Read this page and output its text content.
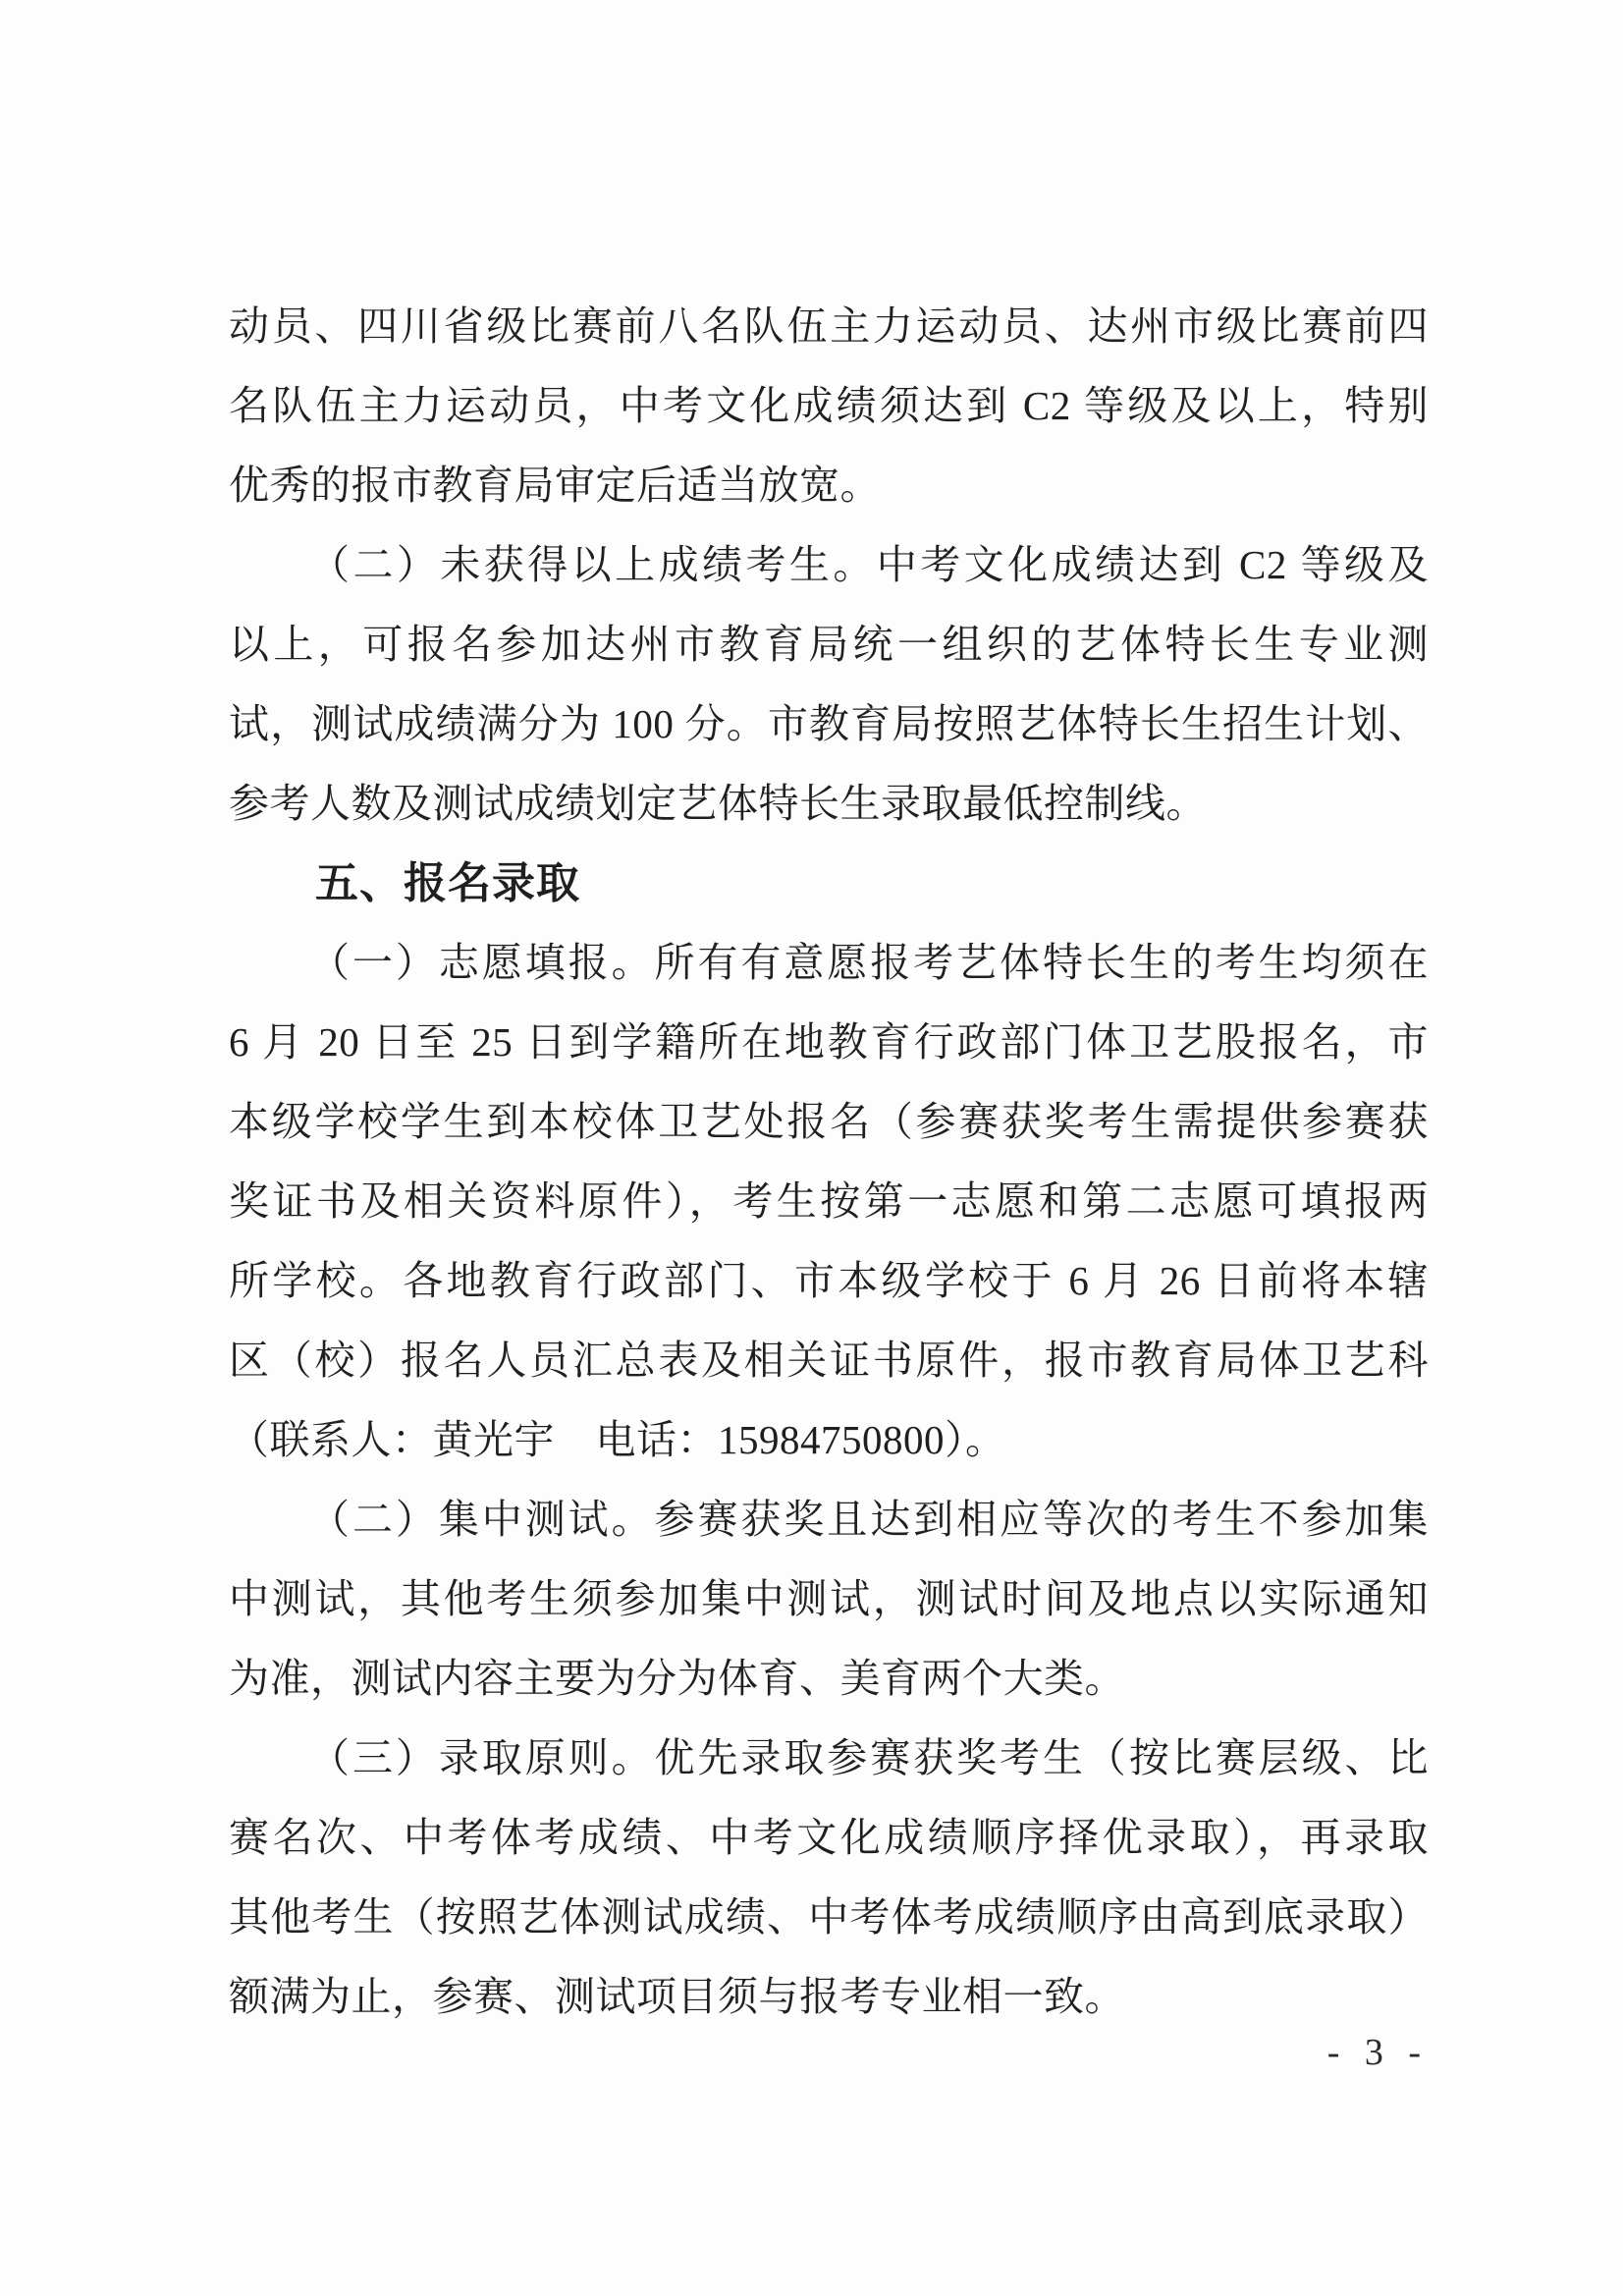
动员、四川省级比赛前八名队伍主力运动员、达州市级比赛前四
名队伍主力运动员，中考文化成绩须达到 C2 等级及以上，特别
优秀的报市教育局审定后适当放宽。
（二）未获得以上成绩考生。中考文化成绩达到 C2 等级及
以上，可报名参加达州市教育局统一组织的艺体特长生专业测
试，测试成绩满分为 100 分。市教育局按照艺体特长生招生计划、
参考人数及测试成绩划定艺体特长生录取最低控制线。
五、报名录取
（一）志愿填报。所有有意愿报考艺体特长生的考生均须在
6 月 20 日至 25 日到学籍所在地教育行政部门体卫艺股报名，市
本级学校学生到本校体卫艺处报名（参赛获奖考生需提供参赛获
奖证书及相关资料原件），考生按第一志愿和第二志愿可填报两
所学校。各地教育行政部门、市本级学校于 6 月 26 日前将本辖
区（校）报名人员汇总表及相关证书原件，报市教育局体卫艺科
（联系人：黄光宇　电话：15984750800）。
（二）集中测试。参赛获奖且达到相应等次的考生不参加集
中测试，其他考生须参加集中测试，测试时间及地点以实际通知
为准，测试内容主要为分为体育、美育两个大类。
（三）录取原则。优先录取参赛获奖考生（按比赛层级、比
赛名次、中考体考成绩、中考文化成绩顺序择优录取），再录取
其他考生（按照艺体测试成绩、中考体考成绩顺序由高到底录取）
额满为止，参赛、测试项目须与报考专业相一致。
- 3 -
